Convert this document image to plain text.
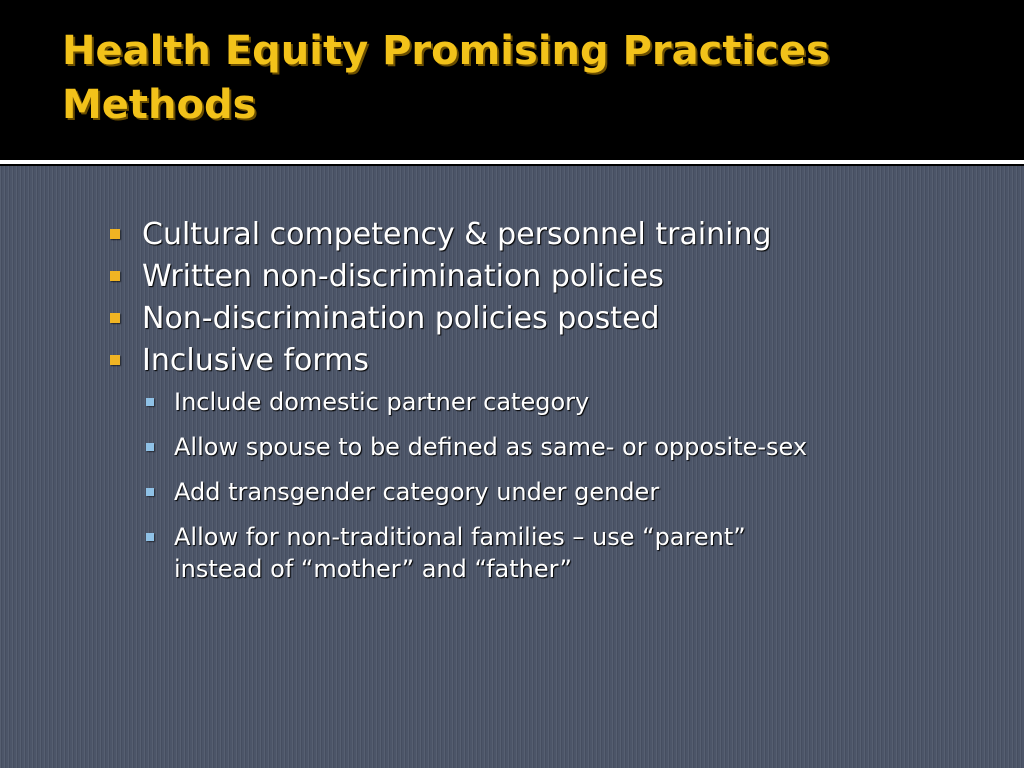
Health Equity Promising Practices
Methods
Cultural competency & personnel training
Written non-discrimination policies
Non-discrimination policies posted
Inclusive forms
Include domestic partner category
Allow spouse to be defined as same- or opposite-sex
Add transgender category under gender
Allow for non-traditional families – use “parent”
instead of “mother” and “father”
